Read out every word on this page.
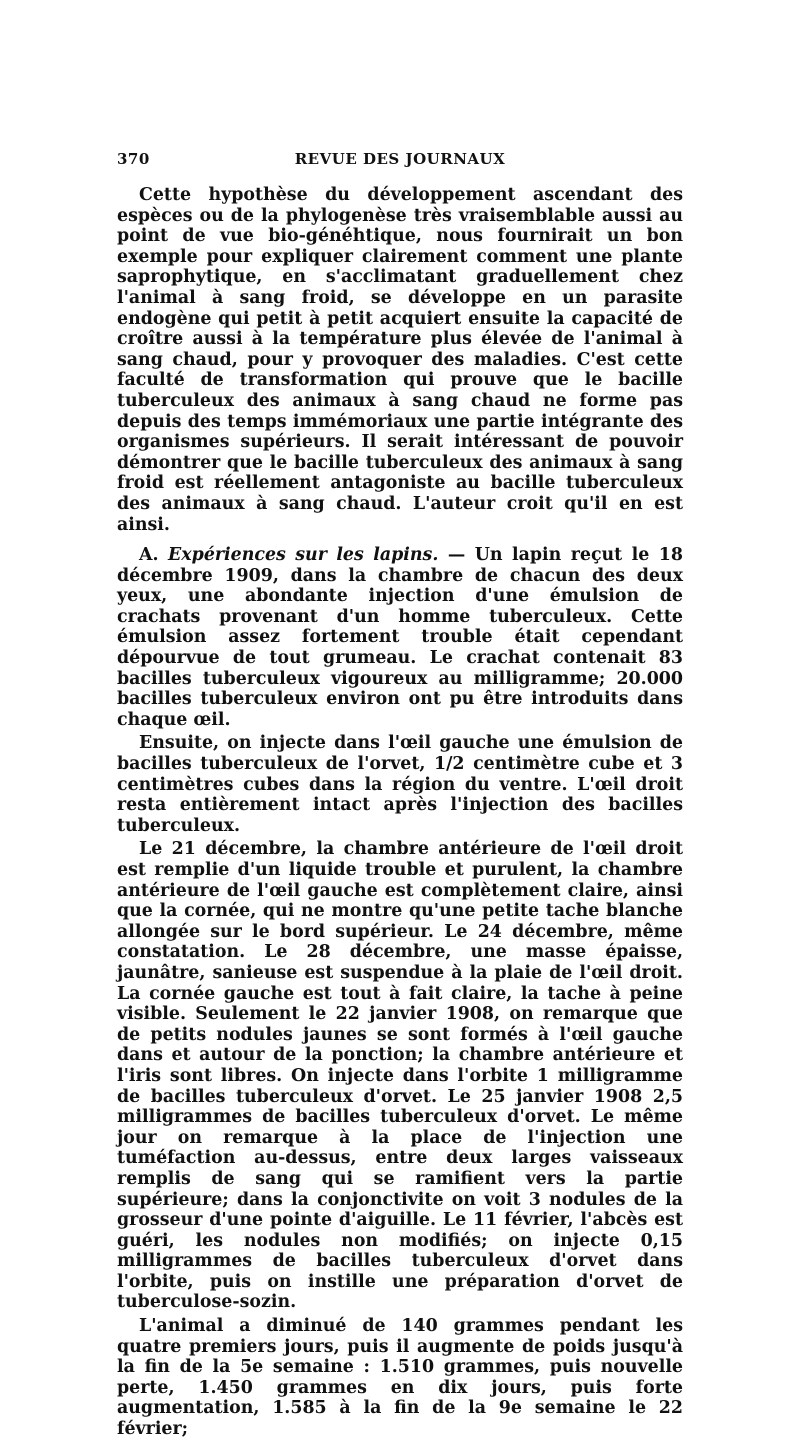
370	REVUE DES JOURNAUX

Cette hypothèse du développement ascendant des espèces ou de la phylogenèse très vraisemblable aussi au point de vue bio-généhtique, nous fournirait un bon exemple pour expliquer clairement comment une plante saprophytique, en s'acclimatant graduellement chez l'animal à sang froid, se développe en un parasite endogène qui petit à petit acquiert ensuite la capacité de croître aussi à la température plus élevée de l'animal à sang chaud, pour y provoquer des maladies. C'est cette faculté de transformation qui prouve que le bacille tuberculeux des animaux à sang chaud ne forme pas depuis des temps immémoriaux une partie intégrante des organismes supérieurs. Il serait intéressant de pouvoir démontrer que le bacille tuberculeux des animaux à sang froid est réellement antagoniste au bacille tuberculeux des animaux à sang chaud. L'auteur croit qu'il en est ainsi.

A. Expériences sur les lapins. — Un lapin reçut le 18 décembre 1909, dans la chambre de chacun des deux yeux, une abondante injection d'une émulsion de crachats provenant d'un homme tuberculeux. Cette émulsion assez fortement trouble était cependant dépourvue de tout grumeau. Le crachat contenait 83 bacilles tuberculeux vigoureux au milligramme; 20.000 bacilles tuberculeux environ ont pu être introduits dans chaque œil.

Ensuite, on injecte dans l'œil gauche une émulsion de bacilles tuberculeux de l'orvet, 1/2 centimètre cube et 3 centimètres cubes dans la région du ventre. L'œil droit resta entièrement intact après l'injection des bacilles tuberculeux.

Le 21 décembre, la chambre antérieure de l'œil droit est remplie d'un liquide trouble et purulent, la chambre antérieure de l'œil gauche est complètement claire, ainsi que la cornée, qui ne montre qu'une petite tache blanche allongée sur le bord supérieur. Le 24 décembre, même constatation. Le 28 décembre, une masse épaisse, jaunâtre, sanieuse est suspendue à la plaie de l'œil droit. La cornée gauche est tout à fait claire, la tache à peine visible. Seulement le 22 janvier 1908, on remarque que de petits nodules jaunes se sont formés à l'œil gauche dans et autour de la ponction; la chambre antérieure et l'iris sont libres. On injecte dans l'orbite 1 milligramme de bacilles tuberculeux d'orvet. Le 25 janvier 1908 2,5 milligrammes de bacilles tuberculeux d'orvet. Le même jour on remarque à la place de l'injection une tuméfaction au-dessus, entre deux larges vaisseaux remplis de sang qui se ramifient vers la partie supérieure; dans la conjonctivite on voit 3 nodules de la grosseur d'une pointe d'aiguille. Le 11 février, l'abcès est guéri, les nodules non modifiés; on injecte 0,15 milligrammes de bacilles tuberculeux d'orvet dans l'orbite, puis on instille une préparation d'orvet de tuberculose-sozin.

L'animal a diminué de 140 grammes pendant les quatre premiers jours, puis il augmente de poids jusqu'à la fin de la 5e semaine : 1.510 grammes, puis nouvelle perte, 1.450 grammes en dix jours, puis forte augmentation, 1.585 à la fin de la 9e semaine le 22 février;
